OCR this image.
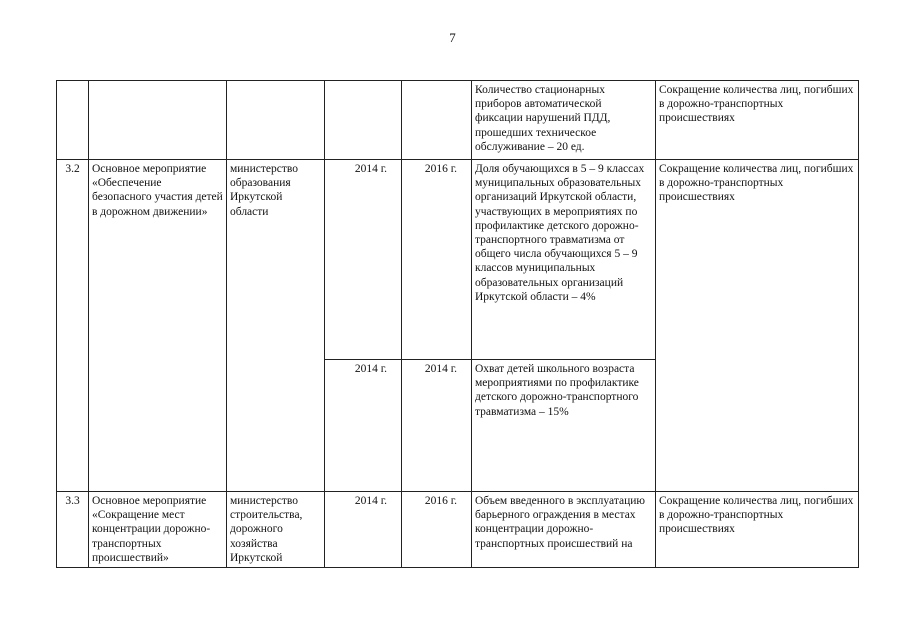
7
					Количество стационарных приборов автоматической фиксации нарушений ПДД, прошедших техническое обслуживание – 20 ед.	Сокращение количества лиц, погибших в дорожно-транспортных происшествиях
3.2	Основное мероприятие «Обеспечение безопасного участия детей в дорожном движении»	министерство образования Иркутской области	2014 г.	2016 г.	Доля обучающихся в 5 – 9 классах муниципальных образовательных организаций Иркутской области, участвующих в мероприятиях по профилактике детского дорожно-транспортного травматизма от общего числа обучающихся 5 – 9 классов муниципальных образовательных организаций Иркутской области – 4%	Сокращение количества лиц, погибших в дорожно-транспортных происшествиях
			2014 г.	2014 г.	Охват детей школьного возраста мероприятиями по профилактике детского дорожно-транспортного травматизма – 15%	
3.3	Основное мероприятие «Сокращение мест концентрации дорожно-транспортных происшествий»	министерство строительства, дорожного хозяйства Иркутской	2014 г.	2016 г.	Объем введенного в эксплуатацию барьерного ограждения в местах концентрации дорожно-транспортных происшествий на	Сокращение количества лиц, погибших в дорожно-транспортных происшествиях
